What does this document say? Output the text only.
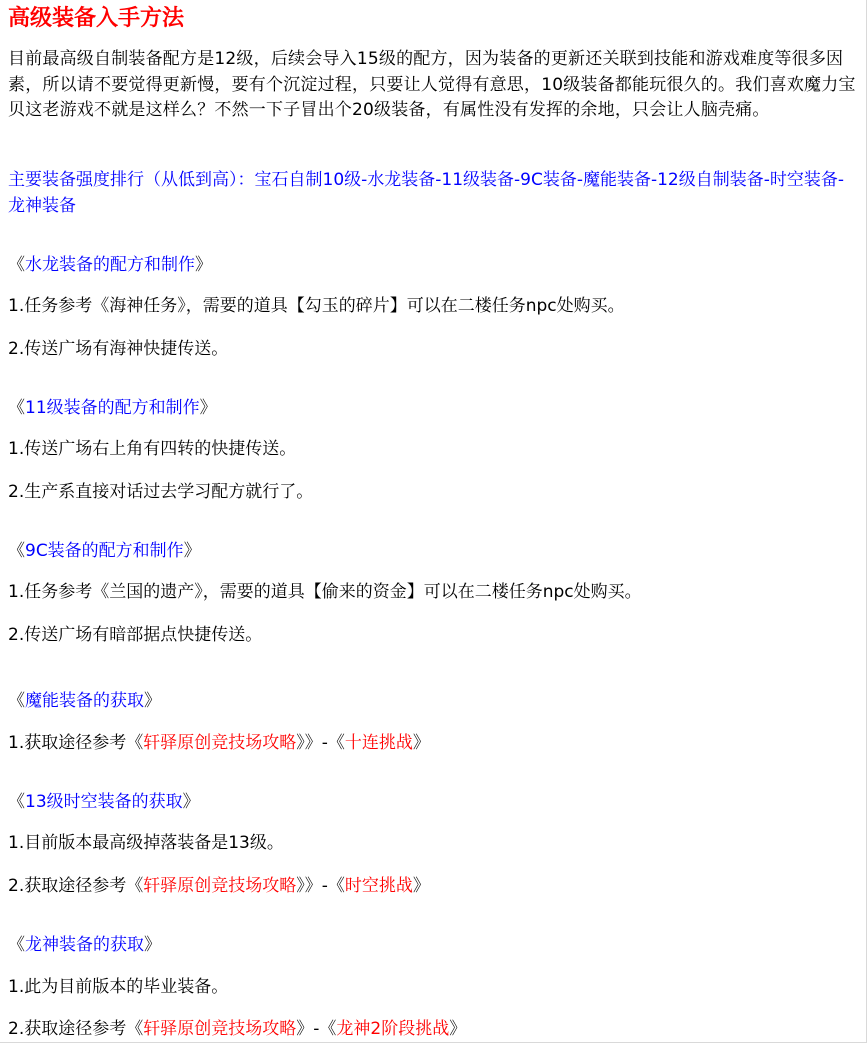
高级装备入手方法

目前最高级自制装备配方是12级，后续会导入15级的配方，因为装备的更新还关联到技能和游戏难度等很多因素，所以请不要觉得更新慢，要有个沉淀过程，只要让人觉得有意思，10级装备都能玩很久的。我们喜欢魔力宝贝这老游戏不就是这样么？不然一下子冒出个20级装备，有属性没有发挥的余地，只会让人脑壳痛。

主要装备强度排行（从低到高）：宝石自制10级-水龙装备-11级装备-9C装备-魔能装备-12级自制装备-时空装备-龙神装备

《水龙装备的配方和制作》
1.任务参考《海神任务》，需要的道具【勾玉的碎片】可以在二楼任务npc处购买。
2.传送广场有海神快捷传送。
《11级装备的配方和制作》
1.传送广场右上角有四转的快捷传送。
2.生产系直接对话过去学习配方就行了。
《9C装备的配方和制作》
1.任务参考《兰国的遗产》，需要的道具【偷来的资金】可以在二楼任务npc处购买。
2.传送广场有暗部据点快捷传送。
《魔能装备的获取》
1.获取途径参考《轩驿原创竞技场攻略》》-《十连挑战》
《13级时空装备的获取》
1.目前版本最高级掉落装备是13级。
2.获取途径参考《轩驿原创竞技场攻略》》-《时空挑战》
《龙神装备的获取》
1.此为目前版本的毕业装备。
2.获取途径参考《轩驿原创竞技场攻略》-《龙神2阶段挑战》
